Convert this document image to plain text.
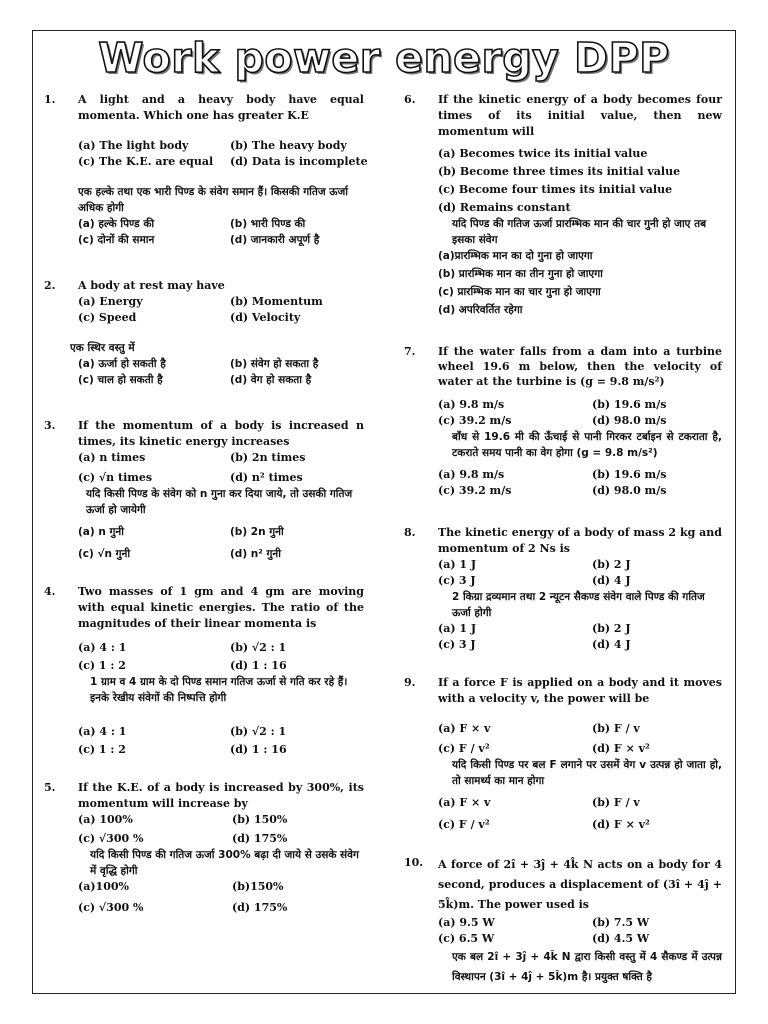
Work power energy DPP
1. A light and a heavy body have equal momenta. Which one has greater K.E
(a) The light body	(b) The heavy body
(c) The K.E. are equal	(d) Data is incomplete
एक हल्के तथा एक भारी पिण्ड के संवेग समान हैं। किसकी गतिज ऊर्जा अधिक होगी
(a) हल्के पिण्ड की	(b) भारी पिण्ड की
(c) दोनों की समान	(d) जानकारी अपूर्ण है
2. A body at rest may have
(a) Energy	(b) Momentum
(c) Speed	(d) Velocity
एक स्थिर वस्तु में
(a) ऊर्जा हो सकती है	(b) संवेग हो सकता है
(c) चाल हो सकती है	(d) वेग हो सकता है
3. If the momentum of a body is increased n times, its kinetic energy increases
(a) n times	(b) 2n times
(c) √n times	(d) n² times
यदि किसी पिण्ड के संवेग को n गुना कर दिया जाये, तो उसकी गतिज ऊर्जा हो जायेगी
(a) n गुनी	(b) 2n गुनी
(c) √n गुनी	(d) n² गुनी
4. Two masses of 1 gm and 4 gm are moving with equal kinetic energies. The ratio of the magnitudes of their linear momenta is
(a) 4 : 1	(b) √2 : 1
(c) 1 : 2	(d) 1 : 16
1 ग्राम व 4 ग्राम के दो पिण्ड समान गतिज ऊर्जा से गति कर रहे हैं। इनके रेखीय संवेगों की निष्पत्ति होगी
(a) 4 : 1	(b) √2 : 1
(c) 1 : 2	(d) 1 : 16
5. If the K.E. of a body is increased by 300%, its momentum will increase by
(a) 100%	(b) 150%
(c) √300 %	(d) 175%
यदि किसी पिण्ड की गतिज ऊर्जा 300% बढ़ा दी जाये से उसके संवेग में वृद्धि होगी
(a)100%	(b)150%
(c) √300 %	(d) 175%
6. If the kinetic energy of a body becomes four times of its initial value, then new momentum will
(a) Becomes twice its initial value
(b) Become three times its initial value
(c) Become four times its initial value
(d) Remains constant
यदि पिण्ड की गतिज ऊर्जा प्रारम्भिक मान की चार गुनी हो जाए तब इसका संवेग
(a)प्रारम्भिक मान का दो गुना हो जाएगा
(b) प्रारम्भिक मान का तीन गुना हो जाएगा
(c) प्रारम्भिक मान का चार गुना हो जाएगा
(d) अपरिवर्तित रहेगा
7. If the water falls from a dam into a turbine wheel 19.6 m below, then the velocity of water at the turbine is (g = 9.8 m/s²)
(a) 9.8 m/s	(b) 19.6 m/s
(c) 39.2 m/s	(d) 98.0 m/s
बाँध से 19.6 मी की ऊँचाई से पानी गिरकर टर्बाइन से टकराता है, टकराते समय पानी का वेग होगा (g = 9.8 m/s²)
(a) 9.8 m/s	(b) 19.6 m/s
(c) 39.2 m/s	(d) 98.0 m/s
8. The kinetic energy of a body of mass 2 kg and momentum of 2 Ns is
(a) 1 J	(b) 2 J
(c) 3 J	(d) 4 J
2 किग्रा द्रव्यमान तथा 2 न्यूटन सैकण्ड संवेग वाले पिण्ड की गतिज ऊर्जा होगी
(a) 1 J	(b) 2 J
(c) 3 J	(d) 4 J
9. If a force F is applied on a body and it moves with a velocity v, the power will be
(a) F × v	(b) F / v
(c) F / v²	(d) F × v²
यदि किसी पिण्ड पर बल F लगाने पर उसमें वेग v उत्पन्न हो जाता हो, तो सामर्थ्य का मान होगा
(a) F × v	(b) F / v
(c) F / v²	(d) F × v²
10. A force of 2î + 3ĵ + 4k̂ N acts on a body for 4 second, produces a displacement of (3î + 4ĵ + 5k̂)m. The power used is
(a) 9.5 W	(b) 7.5 W
(c) 6.5 W	(d) 4.5 W
एक बल 2î + 3ĵ + 4k̂ N द्वारा किसी वस्तु में 4 सैकण्ड में उत्पन्न विस्थापन (3î + 4ĵ + 5k̂)m है। प्रयुक्त षक्ति है
